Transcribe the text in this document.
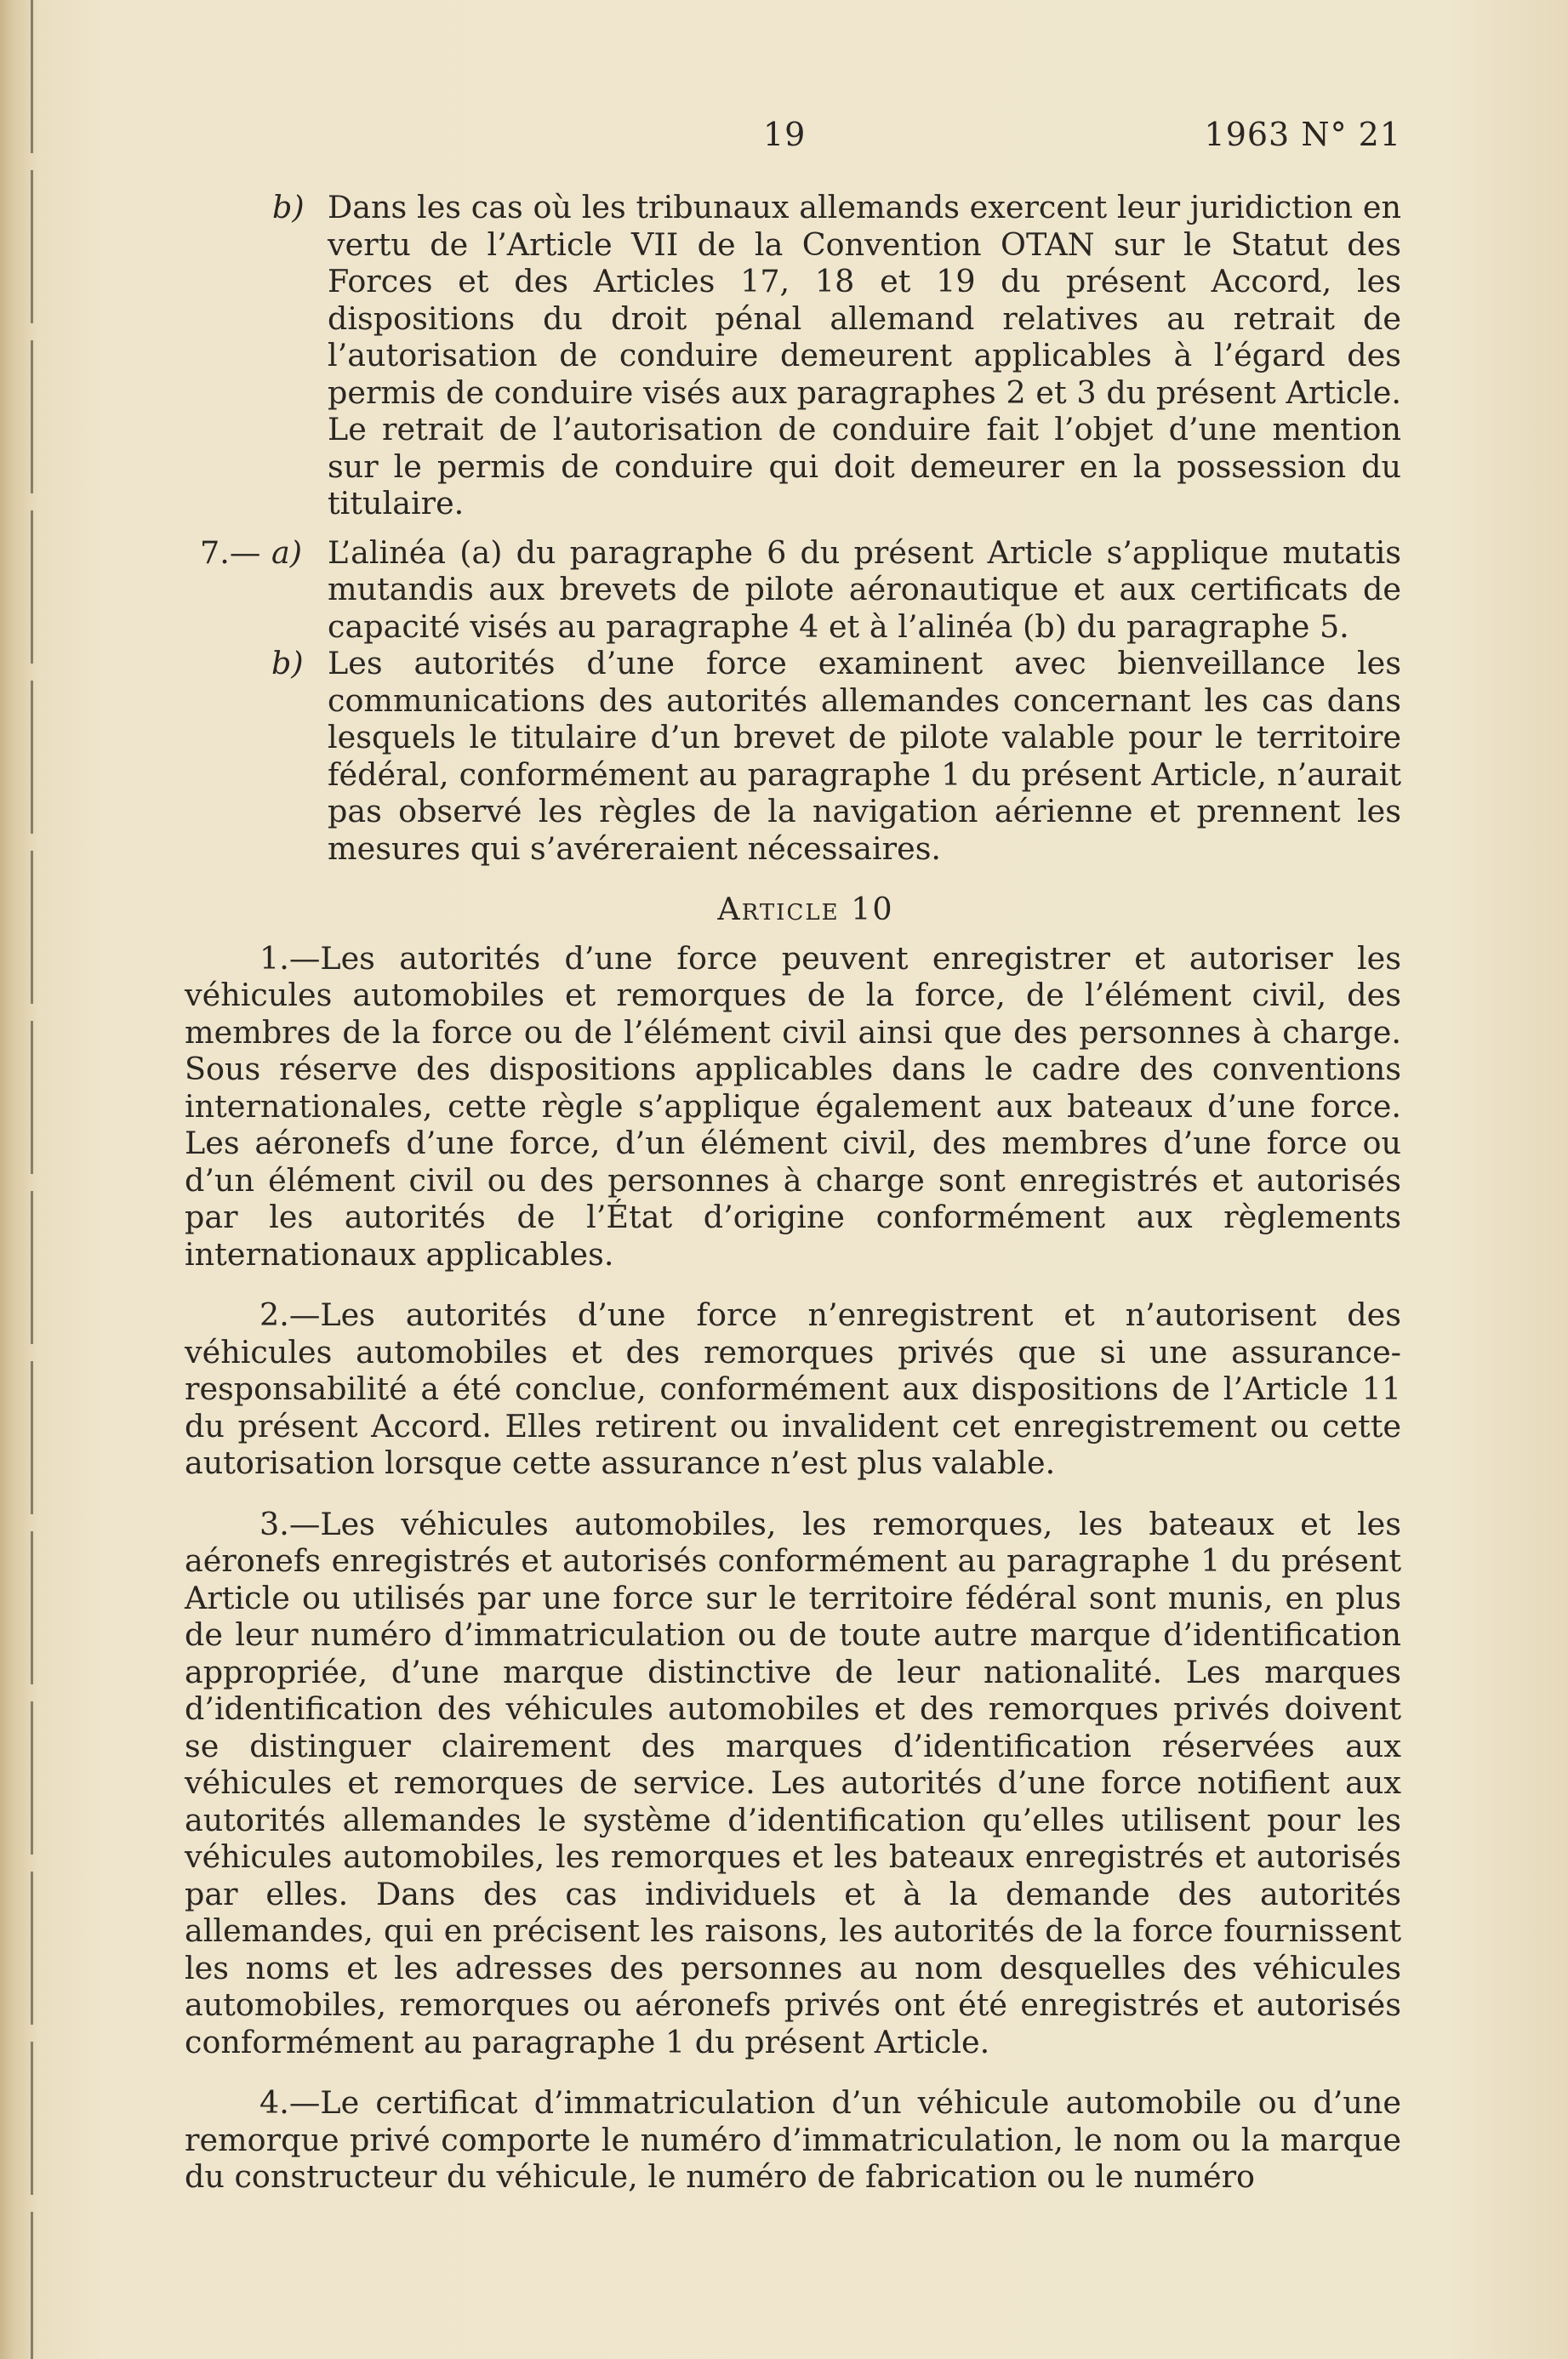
19	1963 N° 21
b) Dans les cas où les tribunaux allemands exercent leur juridiction en vertu de l’Article VII de la Convention OTAN sur le Statut des Forces et des Articles 17, 18 et 19 du présent Accord, les dispositions du droit pénal allemand relatives au retrait de l’autorisation de conduire demeurent applicables à l’égard des permis de conduire visés aux paragraphes 2 et 3 du présent Article. Le retrait de l’autorisation de conduire fait l’objet d’une mention sur le permis de conduire qui doit demeurer en la possession du titulaire.
7.— a) L’alinéa (a) du paragraphe 6 du présent Article s’applique mutatis mutandis aux brevets de pilote aéronautique et aux certificats de capacité visés au paragraphe 4 et à l’alinéa (b) du paragraphe 5.
b) Les autorités d’une force examinent avec bienveillance les communications des autorités allemandes concernant les cas dans lesquels le titulaire d’un brevet de pilote valable pour le territoire fédéral, conformément au paragraphe 1 du présent Article, n’aurait pas observé les règles de la navigation aérienne et prennent les mesures qui s’avéreraient nécessaires.

Article 10

1.—Les autorités d’une force peuvent enregistrer et autoriser les véhicules automobiles et remorques de la force, de l’élément civil, des membres de la force ou de l’élément civil ainsi que des personnes à charge. Sous réserve des dispositions applicables dans le cadre des conventions internationales, cette règle s’applique également aux bateaux d’une force. Les aéronefs d’une force, d’un élément civil, des membres d’une force ou d’un élément civil ou des personnes à charge sont enregistrés et autorisés par les autorités de l’État d’origine conformément aux règlements internationaux applicables.

2.—Les autorités d’une force n’enregistrent et n’autorisent des véhicules automobiles et des remorques privés que si une assurance-responsabilité a été conclue, conformément aux dispositions de l’Article 11 du présent Accord. Elles retirent ou invalident cet enregistrement ou cette autorisation lorsque cette assurance n’est plus valable.

3.—Les véhicules automobiles, les remorques, les bateaux et les aéronefs enregistrés et autorisés conformément au paragraphe 1 du présent Article ou utilisés par une force sur le territoire fédéral sont munis, en plus de leur numéro d’immatriculation ou de toute autre marque d’identification appropriée, d’une marque distinctive de leur nationalité. Les marques d’identification des véhicules automobiles et des remorques privés doivent se distinguer clairement des marques d’identification réservées aux véhicules et remorques de service. Les autorités d’une force notifient aux autorités allemandes le système d’identification qu’elles utilisent pour les véhicules automobiles, les remorques et les bateaux enregistrés et autorisés par elles. Dans des cas individuels et à la demande des autorités allemandes, qui en précisent les raisons, les autorités de la force fournissent les noms et les adresses des personnes au nom desquelles des véhicules automobiles, remorques ou aéronefs privés ont été enregistrés et autorisés conformément au paragraphe 1 du présent Article.

4.—Le certificat d’immatriculation d’un véhicule automobile ou d’une remorque privé comporte le numéro d’immatriculation, le nom ou la marque du constructeur du véhicule, le numéro de fabrication ou le numéro
